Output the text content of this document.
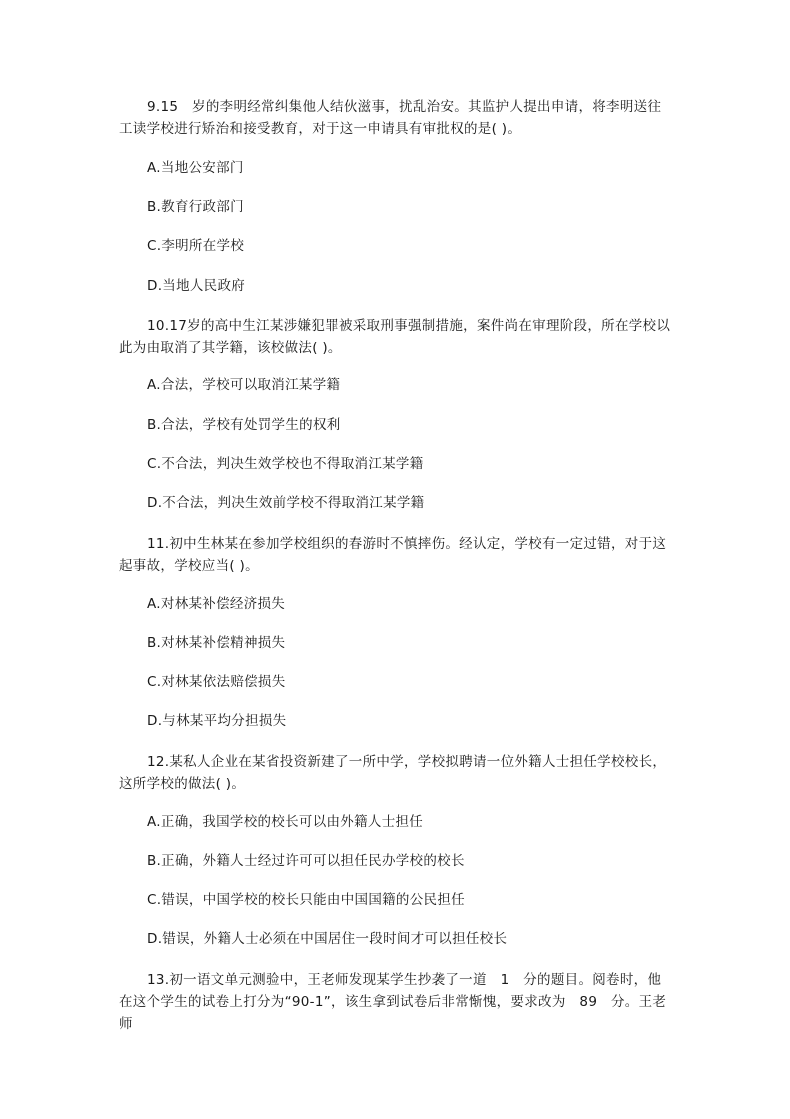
9.15　岁的李明经常纠集他人结伙滋事，扰乱治安。其监护人提出申请，将李明送往工读学校进行矫治和接受教育，对于这一申请具有审批权的是( )。
A.当地公安部门
B.教育行政部门
C.李明所在学校
D.当地人民政府
10.17岁的高中生江某涉嫌犯罪被采取刑事强制措施，案件尚在审理阶段，所在学校以此为由取消了其学籍，该校做法( )。
A.合法，学校可以取消江某学籍
B.合法，学校有处罚学生的权利
C.不合法，判决生效学校也不得取消江某学籍
D.不合法，判决生效前学校不得取消江某学籍
11.初中生林某在参加学校组织的春游时不慎摔伤。经认定，学校有一定过错，对于这起事故，学校应当( )。
A.对林某补偿经济损失
B.对林某补偿精神损失
C.对林某依法赔偿损失
D.与林某平均分担损失
12.某私人企业在某省投资新建了一所中学，学校拟聘请一位外籍人士担任学校校长，这所学校的做法( )。
A.正确，我国学校的校长可以由外籍人士担任
B.正确，外籍人士经过许可可以担任民办学校的校长
C.错误，中国学校的校长只能由中国国籍的公民担任
D.错误，外籍人士必须在中国居住一段时间才可以担任校长
13.初一语文单元测验中，王老师发现某学生抄袭了一道　1　分的题目。阅卷时，他在这个学生的试卷上打分为“90-1”，该生拿到试卷后非常惭愧，要求改为　89　分。王老师
